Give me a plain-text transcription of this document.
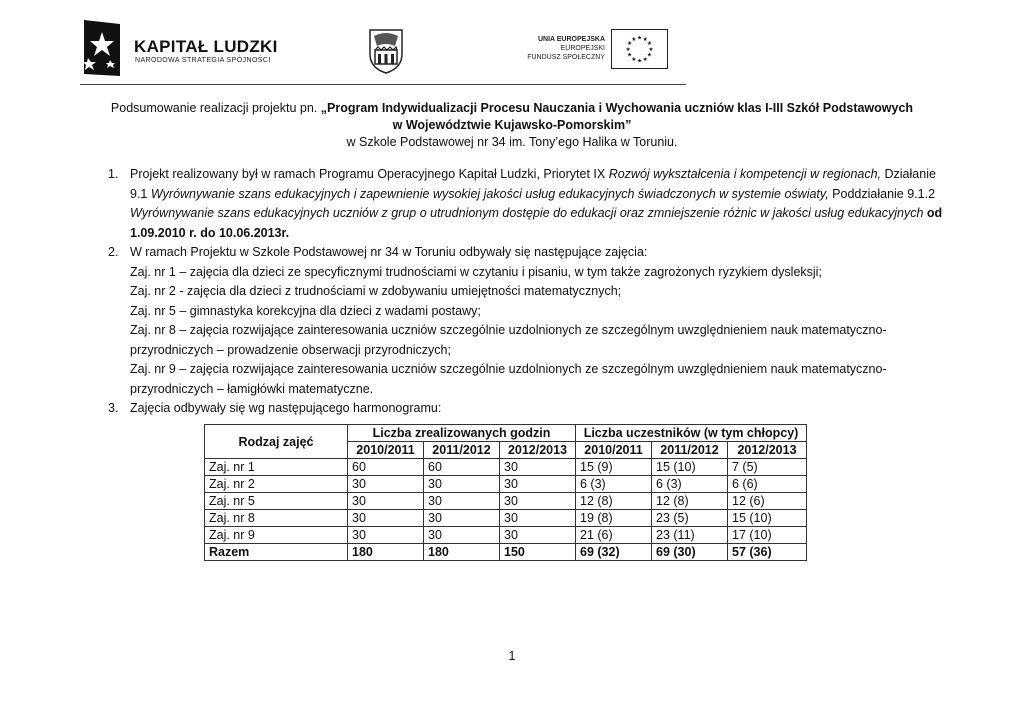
KAPITAŁ LUDZKI
NARODOWA STRATEGIA SPÓJNOŚCI
UNIA EUROPEJSKA
EUROPEJSKI
FUNDUSZ SPOŁECZNY
★ ★
★
★
★
★
★
★
★
★
★
★
Podsumowanie realizacji projektu pn. „Program Indywidualizacji Procesu Nauczania i Wychowania uczniów klas I-III Szkół Podstawowych
w Województwie Kujawsko-Pomorskim”
w Szkole Podstawowej nr 34 im. Tony’ego Halika w Toruniu.
1. Projekt realizowany był w ramach Programu Operacyjnego Kapitał Ludzki, Priorytet IX Rozwój wykształcenia i kompetencji w regionach, Działanie
9.1 Wyrównywanie szans edukacyjnych i zapewnienie wysokiej jakości usług edukacyjnych świadczonych w systemie oświaty, Poddziałanie 9.1.2
Wyrównywanie szans edukacyjnych uczniów z grup o utrudnionym dostępie do edukacji oraz zmniejszenie różnic w jakości usług edukacyjnych od
1.09.2010 r. do 10.06.2013r.
2. W ramach Projektu w Szkole Podstawowej nr 34 w Toruniu odbywały się następujące zajęcia:
Zaj. nr 1 – zajęcia dla dzieci ze specyficznymi trudnościami w czytaniu i pisaniu, w tym także zagrożonych ryzykiem dysleksji;
Zaj. nr 2 - zajęcia dla dzieci z trudnościami w zdobywaniu umiejętności matematycznych;
Zaj. nr 5 – gimnastyka korekcyjna dla dzieci z wadami postawy;
Zaj. nr 8 – zajęcia rozwijające zainteresowania uczniów szczególnie uzdolnionych ze szczególnym uwzględnieniem nauk matematyczno-
przyrodniczych – prowadzenie obserwacji przyrodniczych;
Zaj. nr 9 – zajęcia rozwijające zainteresowania uczniów szczególnie uzdolnionych ze szczególnym uwzględnieniem nauk matematyczno-
przyrodniczych – łamigłówki matematyczne.
3. Zajęcia odbywały się wg następującego harmonogramu:
Rodzaj zajęć	Liczba zrealizowanych godzin			Liczba uczestników (w tym chłopcy)		
	2010/2011	2011/2012	2012/2013	2010/2011	2011/2012	2012/2013
Zaj. nr 1	60	60	30	15 (9)	15 (10)	7 (5)
Zaj. nr 2	30	30	30	6 (3)	6 (3)	6 (6)
Zaj. nr 5	30	30	30	12 (8)	12 (8)	12 (6)
Zaj. nr 8	30	30	30	19 (8)	23 (5)	15 (10)
Zaj. nr 9	30	30	30	21 (6)	23 (11)	17 (10)
Razem	180	180	150	69 (32)	69 (30)	57 (36)
1
